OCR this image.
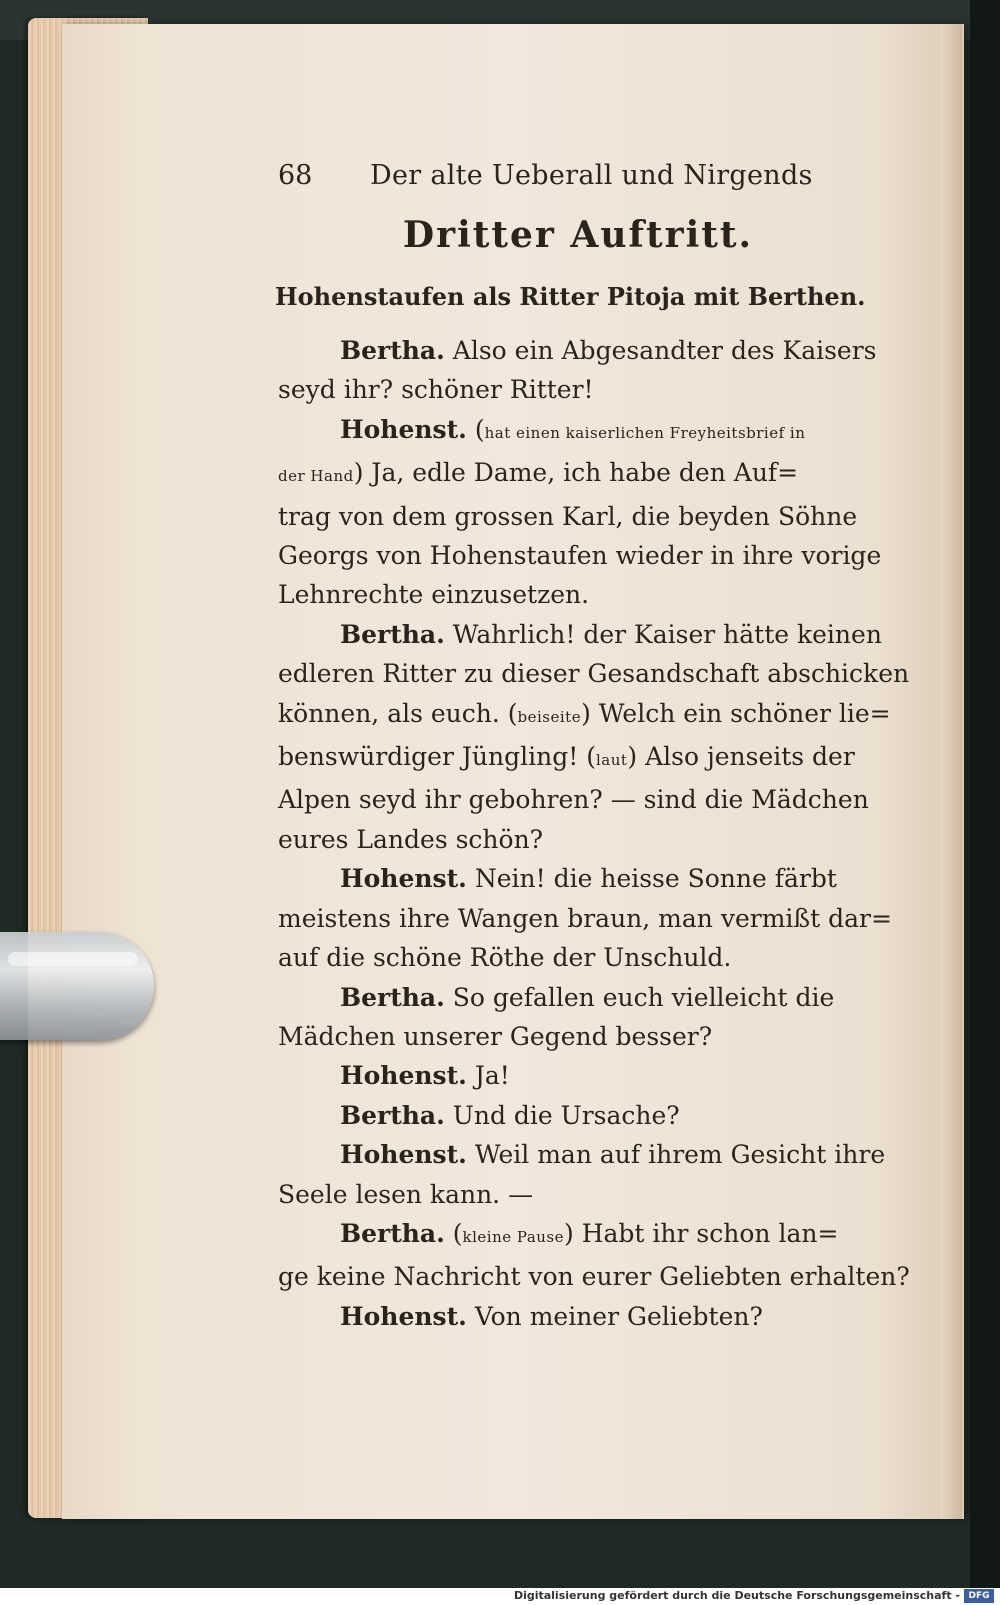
68 Der alte Ueberall und Nirgends
Dritter Auftritt.
Hohenstaufen als Ritter Pitoja mit Berthen.
Bertha. Also ein Abgesandter des Kaisers
seyd ihr? schöner Ritter!
Hohenst. (hat einen kaiserlichen Freyheitsbrief in
der Hand) Ja, edle Dame, ich habe den Auf=
trag von dem grossen Karl, die beyden Söhne
Georgs von Hohenstaufen wieder in ihre vorige
Lehnrechte einzusetzen.
Bertha. Wahrlich! der Kaiser hätte keinen
edleren Ritter zu dieser Gesandschaft abschicken
können, als euch. (beiseite) Welch ein schöner lie=
benswürdiger Jüngling! (laut) Also jenseits der
Alpen seyd ihr gebohren? — sind die Mädchen
eures Landes schön?
Hohenst. Nein! die heisse Sonne färbt
meistens ihre Wangen braun, man vermißt dar=
auf die schöne Röthe der Unschuld.
Bertha. So gefallen euch vielleicht die
Mädchen unserer Gegend besser?
Hohenst. Ja!
Bertha. Und die Ursache?
Hohenst. Weil man auf ihrem Gesicht ihre
Seele lesen kann. —
Bertha. (kleine Pause) Habt ihr schon lan=
ge keine Nachricht von eurer Geliebten erhalten?
Hohenst. Von meiner Geliebten?
Digitalisierung gefördert durch die Deutsche Forschungsgemeinschaft - DFG
